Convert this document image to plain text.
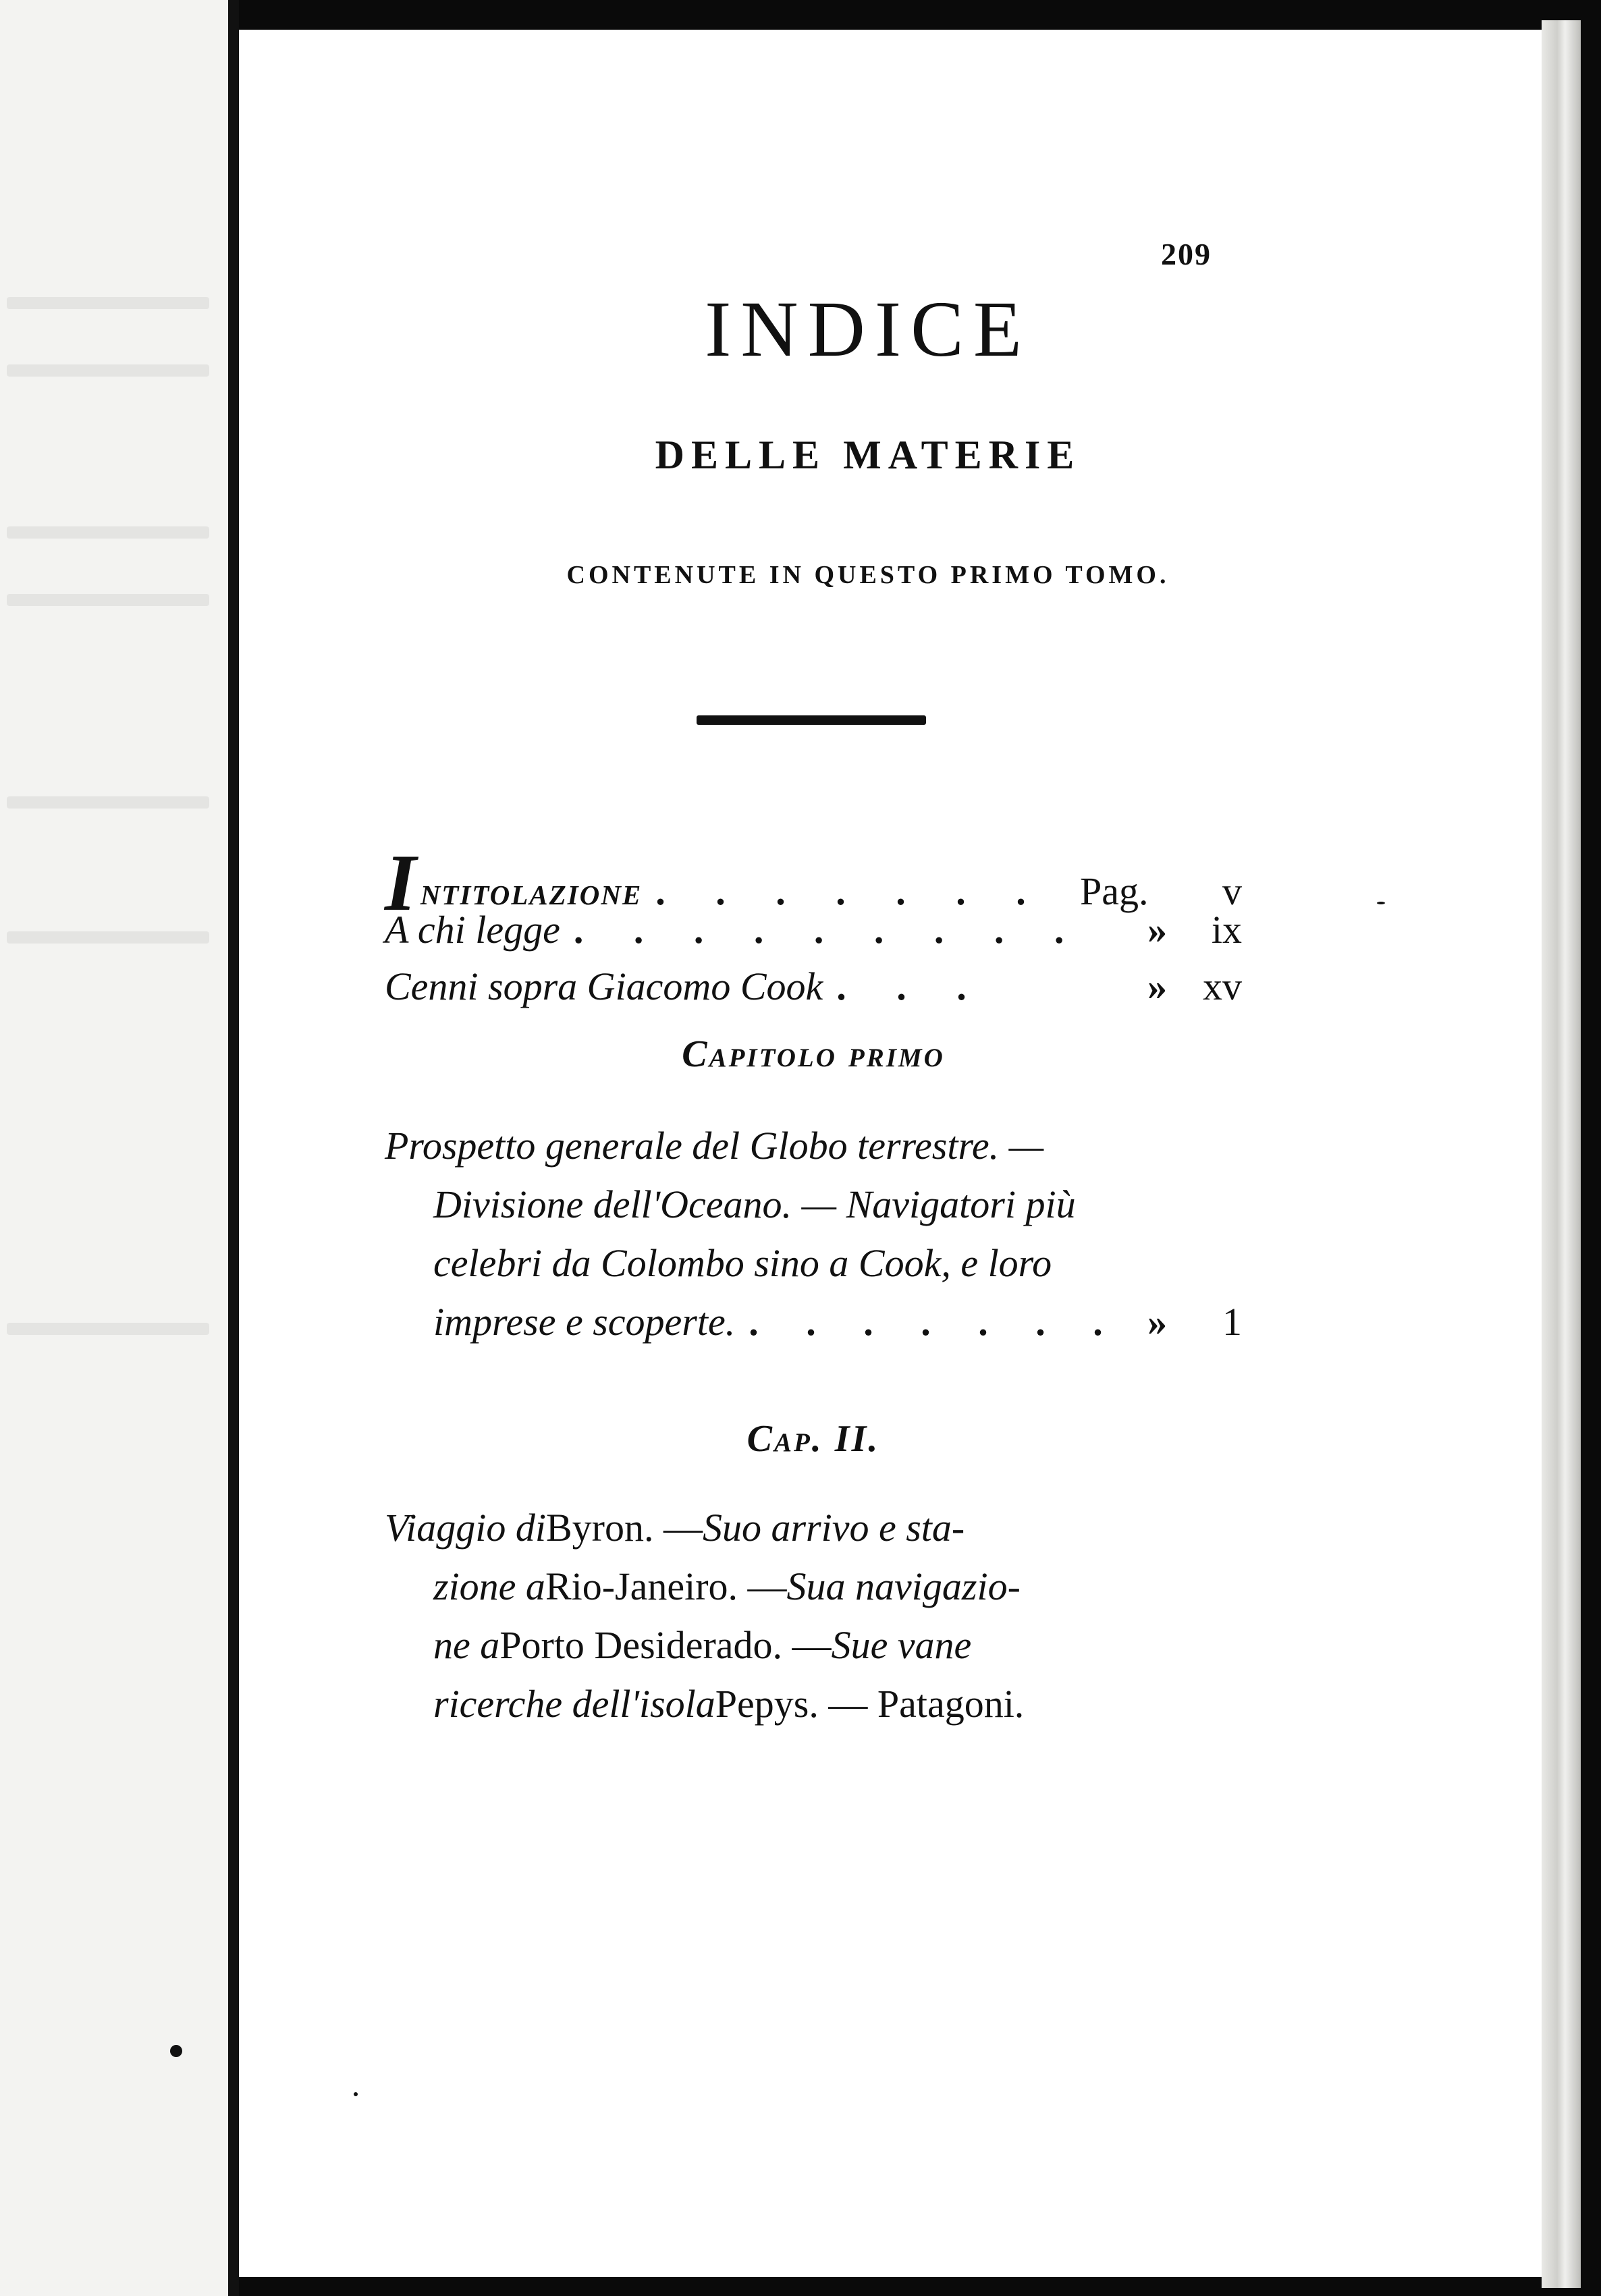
209
INDICE
DELLE MATERIE
CONTENUTE IN QUESTO PRIMO TOMO.
Intitolazione . . . . . . . Pag. v
A chi legge . . . . . . . . .	» ix
Cenni sopra Giacomo Cook . . .	» xv
Capitolo primo
Prospetto generale del Globo terrestre. —
Divisione dell'Oceano. — Navigatori più
celebri da Colombo sino a Cook, e loro
imprese e scoperte. . . . . . . . » 1
Cap. II.
Viaggio di Byron. — Suo arrivo e sta-
zione a Rio-Janeiro. — Sua navigazio-
ne a Porto Desiderado. — Sue vane
ricerche dell'isola Pepys. — Patagoni.
